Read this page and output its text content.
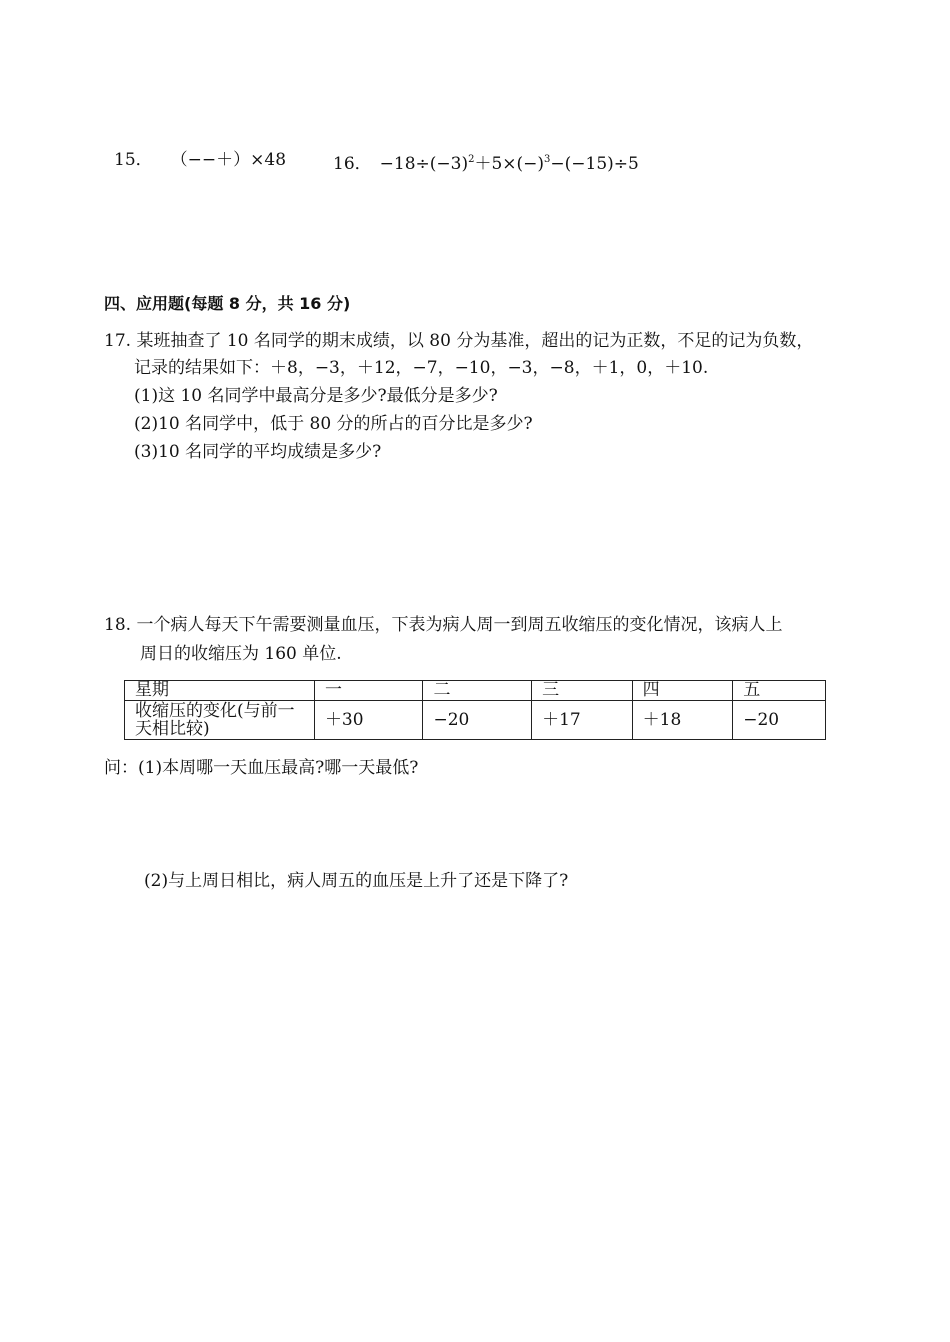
15． （−−＋）×48	16． $-18\div(-3)^2+5\times(-)^3-(-15)\div 5$
四、应用题(每题 8 分，共 16 分)
17. 某班抽查了 10 名同学的期末成绩，以 80 分为基准，超出的记为正数，不足的记为负数，
记录的结果如下：＋8，−3，＋12，−7，−10，−3，−8，＋1，0，＋10.
(1)这 10 名同学中最高分是多少?最低分是多少?
(2)10 名同学中，低于 80 分的所占的百分比是多少?
(3)10 名同学的平均成绩是多少?
18. 一个病人每天下午需要测量血压，下表为病人周一到周五收缩压的变化情况，该病人上
周日的收缩压为 160 单位.
星期	一	二	三	四	五
收缩压的变化(与前一天相比较)	＋30	−20	＋17	＋18	−20
问：(1)本周哪一天血压最高?哪一天最低?
(2)与上周日相比，病人周五的血压是上升了还是下降了?
